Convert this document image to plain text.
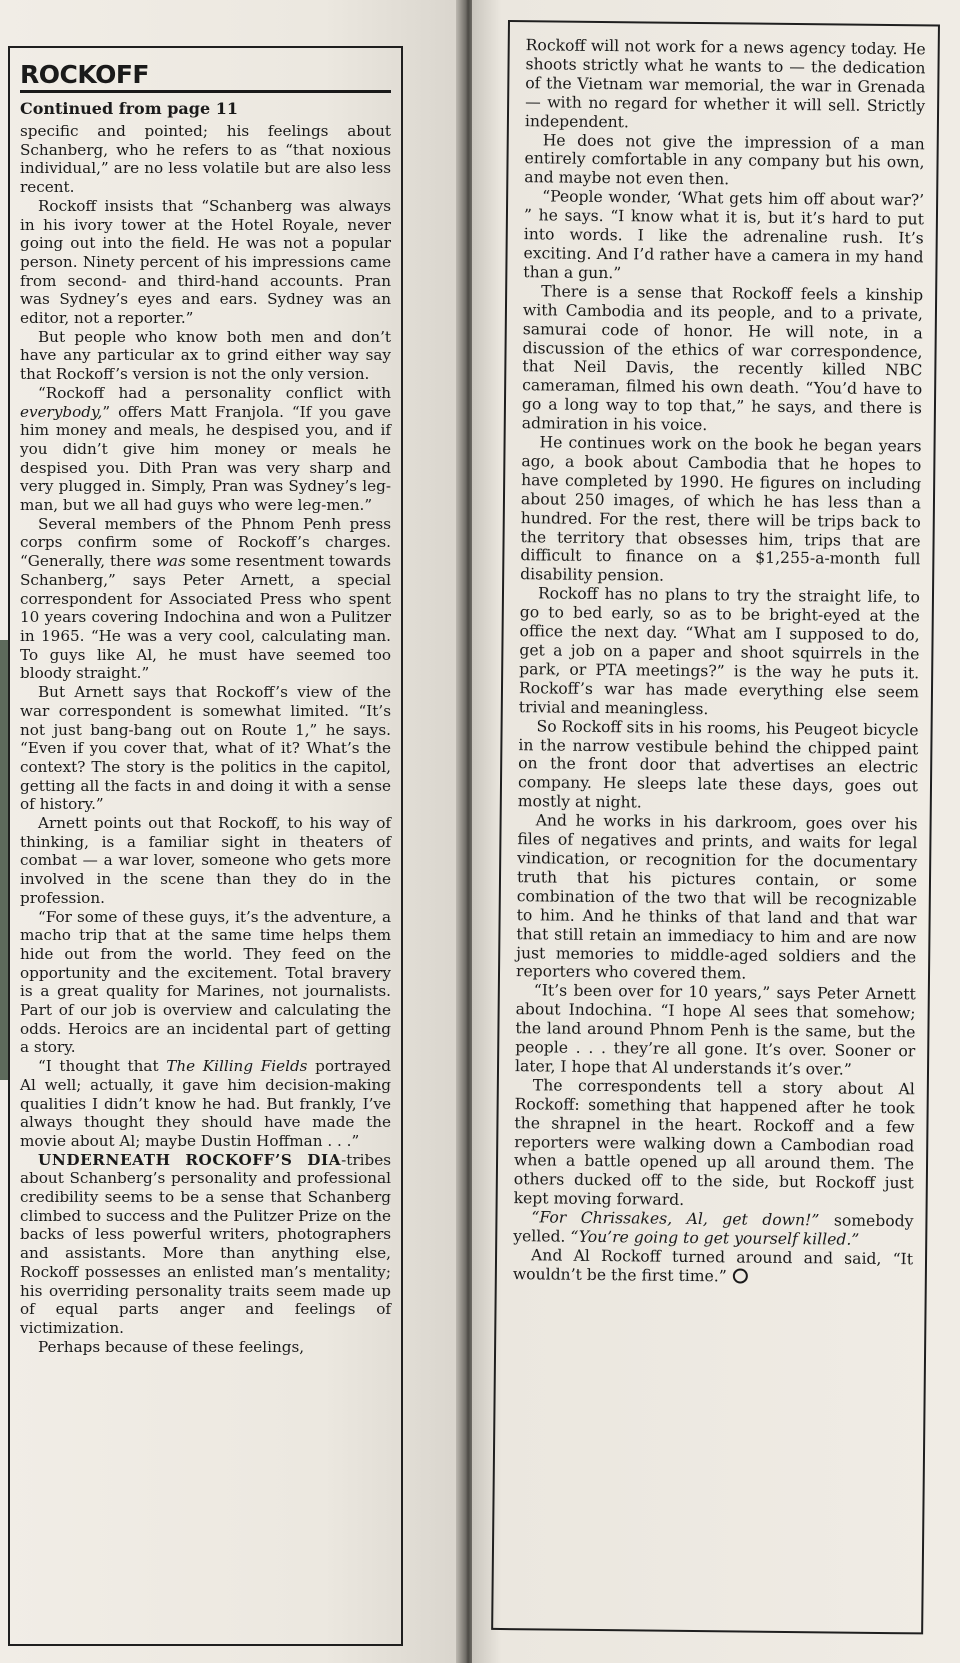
ROCKOFF
Continued from page 11

specific and pointed; his feelings about Schanberg, who he refers to as “that noxious individual,” are no less volatile but are also less recent.

Rockoff insists that “Schanberg was always in his ivory tower at the Hotel Royale, never going out into the field. He was not a popular person. Ninety percent of his impressions came from second- and third-hand accounts. Pran was Sydney’s eyes and ears. Sydney was an editor, not a reporter.”

But people who know both men and don’t have any particular ax to grind either way say that Rockoff’s version is not the only version.

“Rockoff had a personality conflict with everybody,” offers Matt Franjola. “If you gave him money and meals, he despised you, and if you didn’t give him money or meals he despised you. Dith Pran was very sharp and very plugged in. Simply, Pran was Sydney’s leg-man, but we all had guys who were leg-men.”

Several members of the Phnom Penh press corps confirm some of Rockoff’s charges. “Generally, there was some resentment towards Schanberg,” says Peter Arnett, a special correspondent for Associated Press who spent 10 years covering Indochina and won a Pulitzer in 1965. “He was a very cool, calculating man. To guys like Al, he must have seemed too bloody straight.”

But Arnett says that Rockoff’s view of the war correspondent is somewhat limited. “It’s not just bang-bang out on Route 1,” he says. “Even if you cover that, what of it? What’s the context? The story is the politics in the capitol, getting all the facts in and doing it with a sense of history.”

Arnett points out that Rockoff, to his way of thinking, is a familiar sight in theaters of combat — a war lover, someone who gets more involved in the scene than they do in the profession.

“For some of these guys, it’s the adventure, a macho trip that at the same time helps them hide out from the world. They feed on the opportunity and the excitement. Total bravery is a great quality for Marines, not journalists. Part of our job is overview and calculating the odds. Heroics are an incidental part of getting a story.

“I thought that The Killing Fields portrayed Al well; actually, it gave him decision-making qualities I didn’t know he had. But frankly, I’ve always thought they should have made the movie about Al; maybe Dustin Hoffman . . .”

UNDERNEATH ROCKOFF’S DIA-tribes about Schanberg’s personality and professional credibility seems to be a sense that Schanberg climbed to success and the Pulitzer Prize on the backs of less powerful writers, photographers and assistants. More than anything else, Rockoff possesses an enlisted man’s mentality; his overriding personality traits seem made up of equal parts anger and feelings of victimization.

Perhaps because of these feelings,

Rockoff will not work for a news agency today. He shoots strictly what he wants to — the dedication of the Vietnam war memorial, the war in Grenada — with no regard for whether it will sell. Strictly independent.

He does not give the impression of a man entirely comfortable in any company but his own, and maybe not even then.

“People wonder, ‘What gets him off about war?’ ” he says. “I know what it is, but it’s hard to put into words. I like the adrenaline rush. It’s exciting. And I’d rather have a camera in my hand than a gun.”

There is a sense that Rockoff feels a kinship with Cambodia and its people, and to a private, samurai code of honor. He will note, in a discussion of the ethics of war correspondence, that Neil Davis, the recently killed NBC cameraman, filmed his own death. “You’d have to go a long way to top that,” he says, and there is admiration in his voice.

He continues work on the book he began years ago, a book about Cambodia that he hopes to have completed by 1990. He figures on including about 250 images, of which he has less than a hundred. For the rest, there will be trips back to the territory that obsesses him, trips that are difficult to finance on a $1,255-a-month full disability pension.

Rockoff has no plans to try the straight life, to go to bed early, so as to be bright-eyed at the office the next day. “What am I supposed to do, get a job on a paper and shoot squirrels in the park, or PTA meetings?” is the way he puts it. Rockoff’s war has made everything else seem trivial and meaningless.

So Rockoff sits in his rooms, his Peugeot bicycle in the narrow vestibule behind the chipped paint on the front door that advertises an electric company. He sleeps late these days, goes out mostly at night.

And he works in his darkroom, goes over his files of negatives and prints, and waits for legal vindication, or recognition for the documentary truth that his pictures contain, or some combination of the two that will be recognizable to him. And he thinks of that land and that war that still retain an immediacy to him and are now just memories to middle-aged soldiers and the reporters who covered them.

“It’s been over for 10 years,” says Peter Arnett about Indochina. “I hope Al sees that somehow; the land around Phnom Penh is the same, but the people . . . they’re all gone. It’s over. Sooner or later, I hope that Al understands it’s over.”

The correspondents tell a story about Al Rockoff: something that happened after he took the shrapnel in the heart. Rockoff and a few reporters were walking down a Cambodian road when a battle opened up all around them. The others ducked off to the side, but Rockoff just kept moving forward.

“For Chrissakes, Al, get down!” somebody yelled. “You’re going to get yourself killed.”

And Al Rockoff turned around and said, “It wouldn’t be the first time.”
